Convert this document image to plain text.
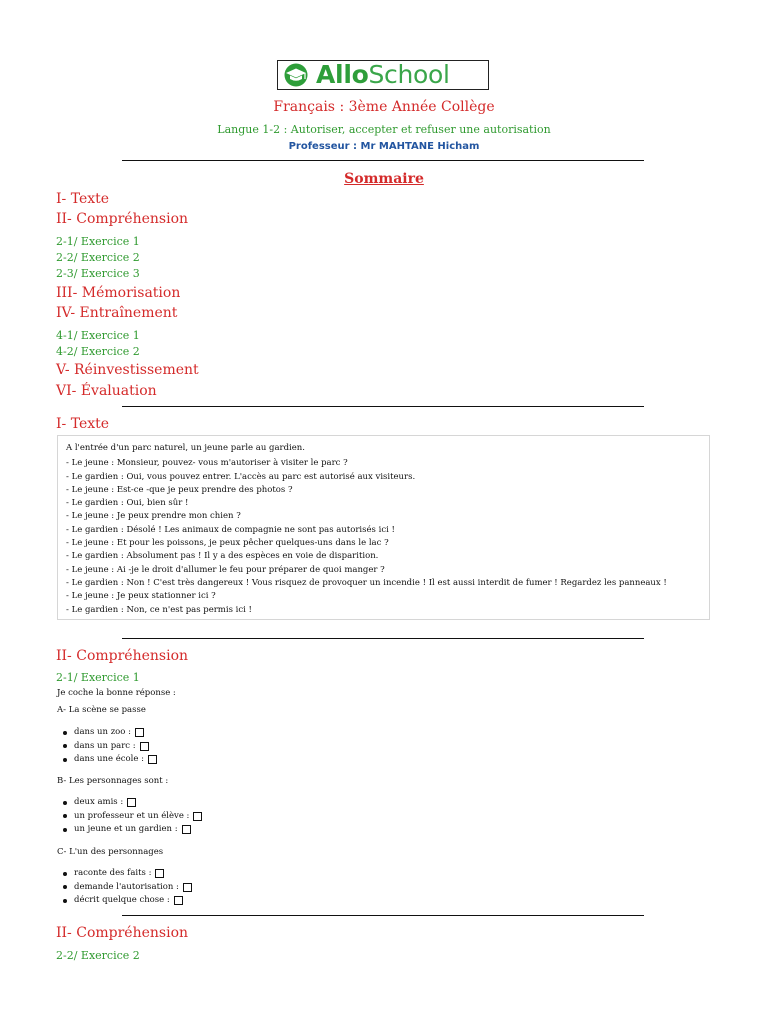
AlloSchool
Français : 3ème Année Collège
Langue 1-2 : Autoriser, accepter et refuser une autorisation
Professeur : Mr MAHTANE Hicham
Sommaire
I- Texte
II- Compréhension
2-1/ Exercice 1
2-2/ Exercice 2
2-3/ Exercice 3
III- Mémorisation
IV- Entraînement
4-1/ Exercice 1
4-2/ Exercice 2
V- Réinvestissement
VI- Évaluation
I- Texte
A l'entrée d'un parc naturel, un jeune parle au gardien.
- Le jeune : Monsieur, pouvez- vous m'autoriser à visiter le parc ?
- Le gardien : Oui, vous pouvez entrer. L'accès au parc est autorisé aux visiteurs.
- Le jeune : Est-ce -que je peux prendre des photos ?
- Le gardien : Oui, bien sûr !
- Le jeune : Je peux prendre mon chien ?
- Le gardien : Désolé ! Les animaux de compagnie ne sont pas autorisés ici !
- Le jeune : Et pour les poissons, je peux pêcher quelques-uns dans le lac ?
- Le gardien : Absolument pas ! Il y a des espèces en voie de disparition.
- Le jeune : Ai -je le droit d'allumer le feu pour préparer de quoi manger ?
- Le gardien : Non ! C'est très dangereux ! Vous risquez de provoquer un incendie ! Il est aussi interdit de fumer ! Regardez les panneaux !
- Le jeune : Je peux stationner ici ?
- Le gardien : Non, ce n'est pas permis ici !
II- Compréhension
2-1/ Exercice 1
Je coche la bonne réponse :
A- La scène se passe
dans un zoo :
dans un parc :
dans une école :
B- Les personnages sont :
deux amis :
un professeur et un élève :
un jeune et un gardien :
C- L'un des personnages
raconte des faits :
demande l'autorisation :
décrit quelque chose :
II- Compréhension
2-2/ Exercice 2
